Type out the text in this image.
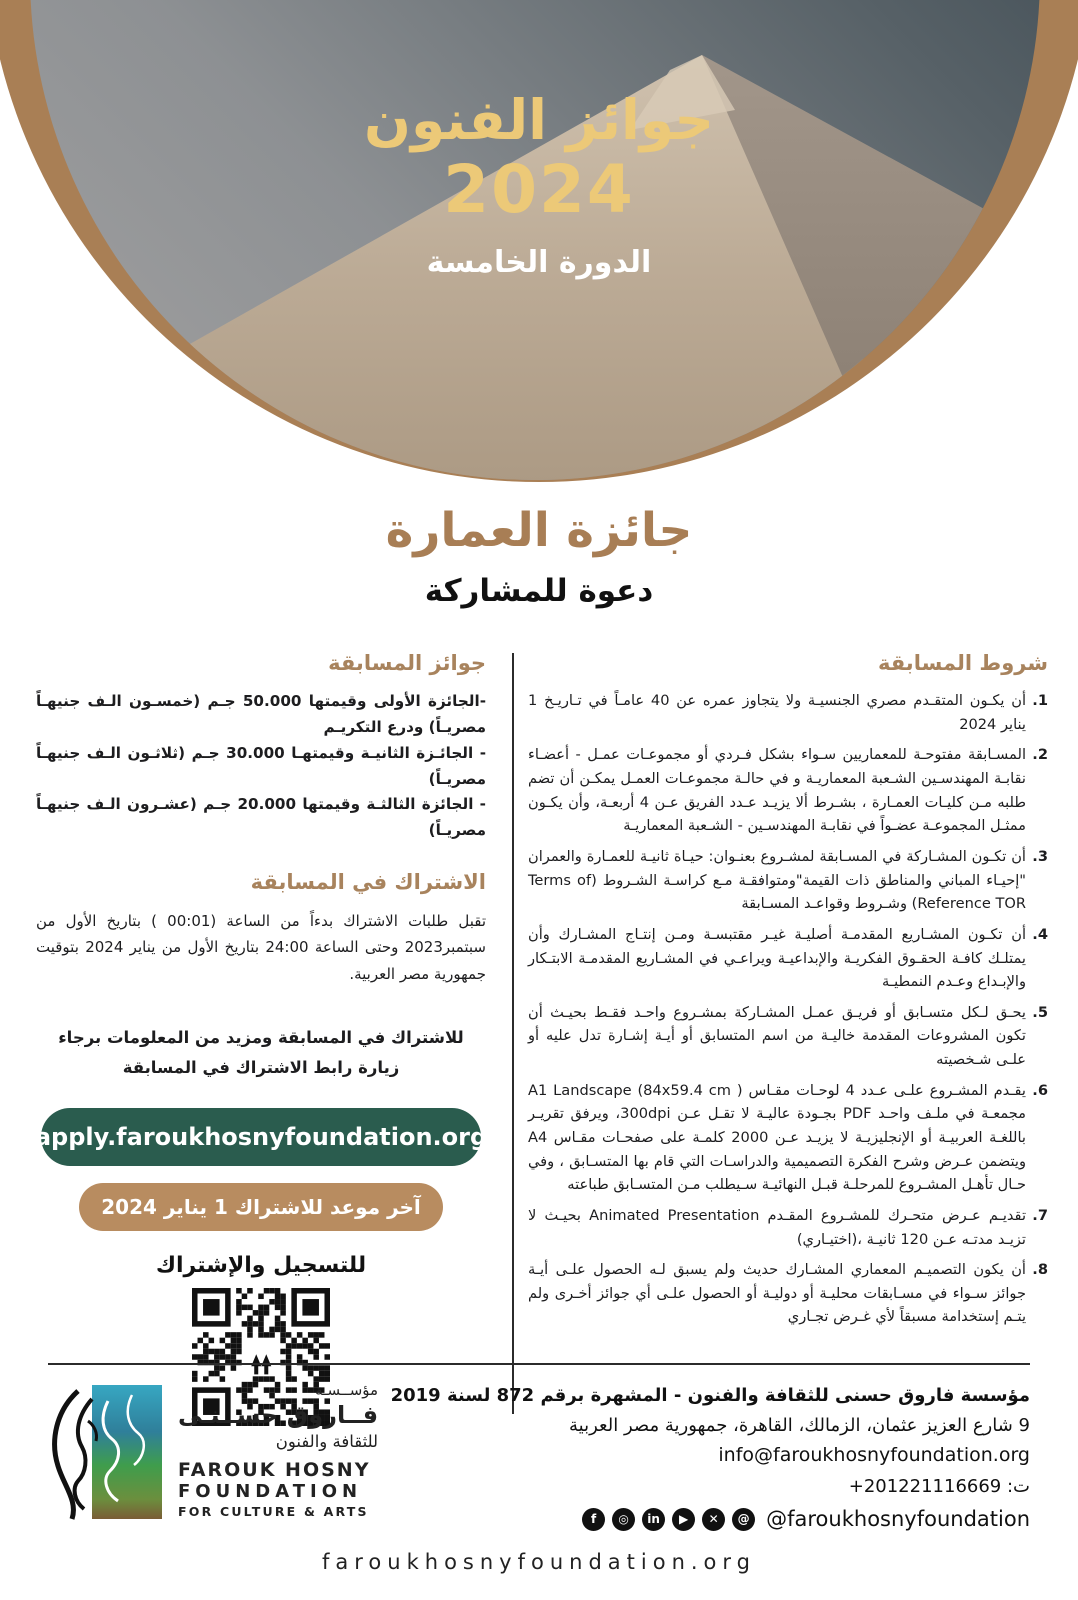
جوائز الفنون
2024
الدورة الخامسة
جائزة العمارة
دعوة للمشاركة
شروط المسابقة
أن يكـون المتقـدم مصري الجنسيـة ولا يتجاوز عمره عن 40 عامـاً في تـاريـخ 1 يناير 2024
المسـابقة مفتوحـة للمعماريين سـواء بشكل فـردي أو مجموعـات عمـل - أعضـاء نقابـة المهندسـين الشـعبة المعماريـة و في حالـة مجموعـات العمـل يمكـن أن تضم طلبه مـن كليـات العمـارة ، بشـرط ألا يزيـد عـدد الفريق عـن 4 أربعـة، وأن يكـون ممثـل المجموعـة عضـواً في نقابـة المهندسـين - الشـعبة المعماريـة
أن تكـون المشـاركة في المسـابقة لمشـروع بعنـوان: حيـاة ثانيـة للعمـارة والعمران "إحيـاء المباني والمناطق ذات القيمة"ومتوافقـة مـع كراسـة الشـروط (Terms of Reference TOR) وشـروط وقواعـد المسـابقة
أن تكـون المشـاريع المقدمـة أصليـة غيـر مقتبسـة ومـن إنتـاج المشـارك وأن يمتلـك كافـة الحقـوق الفكريـة والإبداعيـة ويراعـي في المشـاريع المقدمـة الابتـكار والإبـداع وعـدم النمطيـة
يحـق لـكل متسـابق أو فريـق عمـل المشـاركة بمشـروع واحـد فقـط بحيـث أن تكون المشروعات المقدمة خاليـة من اسم المتسابق أو أيـة إشـارة تدل عليه أو علـى شـخصيته
يقـدم المشـروع علـى عـدد 4 لوحـات مقـاس A1 Landscape (84x59.4 cm ) مجمعـة في ملـف واحـد PDF بجـودة عاليـة لا تقـل عـن 300dpi، ويرفق تقريـر باللغـة العربيـة أو الإنجليزيـة لا يزيـد عـن 2000 كلمـة على صفحـات مقـاس A4 ويتضمن عـرض وشرح الفكرة التصميمية والدراسـات التي قام بها المتسـابق ، وفي حـال تأهـل المشـروع للمرحلـة قبـل النهائيـة سـيطلب مـن المتسـابق طباعته
تقديـم عـرض متحـرك للمشـروع المقـدم Animated Presentation بحيـث لا تزيـد مدتـه عـن 120 ثانيـة ،(اختيـاري)
أن يكون التصميـم المعماري المشـارك حديث ولم يسبق لـه الحصول علـى أيـة جوائز سـواء في مسـابقات محليـة أو دوليـة أو الحصول علـى أي جوائز أخـرى ولم يتـم إستخدامة مسبقاً لأي غـرض تجـاري
جوائز المسابقة

-الجائزة الأولى وقيمتها 50.000 جـم (خمسـون الـف جنيهـاً مصريـاً) ودرع التكريـم

- الجائـزة الثانيـة وقيمتهـا 30.000 جـم (ثلاثـون الـف جنيهـاً مصريـاً)

- الجائزة الثالثـة وقيمتها 20.000 جـم (عشـرون الـف جنيهـاً مصريـاً)

الاشتراك في المسابقة

تقبل طلبات الاشتراك بدءاً من الساعة (00:01 ) بتاريخ الأول من سبتمبر2023 وحتى الساعة 24:00 بتاريخ الأول من يناير 2024 بتوقيت جمهورية مصر العربية.

للاشتراك في المسابقة ومزيد من المعلومات برجاء زيارة رابط الاشتراك في المسابقة

apply.faroukhosnyfoundation.org
آخر موعد للاشتراك 1 يناير 2024
للتسجيل والإشتراك
مؤســسـة
فــاروق حســنـى
للثقافة والفنون
FAROUK HOSNY
FOUNDATION
FOR CULTURE & ARTS
مؤسسة فاروق حسنى للثقافة والفنون - المشهرة برقم 872 لسنة 2019
9 شارع العزيز عثمان، الزمالك، القاهرة، جمهورية مصر العربية
info@faroukhosnyfoundation.org
ت: 201221116669+
f	◎	in	▶	✕	@ @faroukhosnyfoundation
faroukhosnyfoundation.org
